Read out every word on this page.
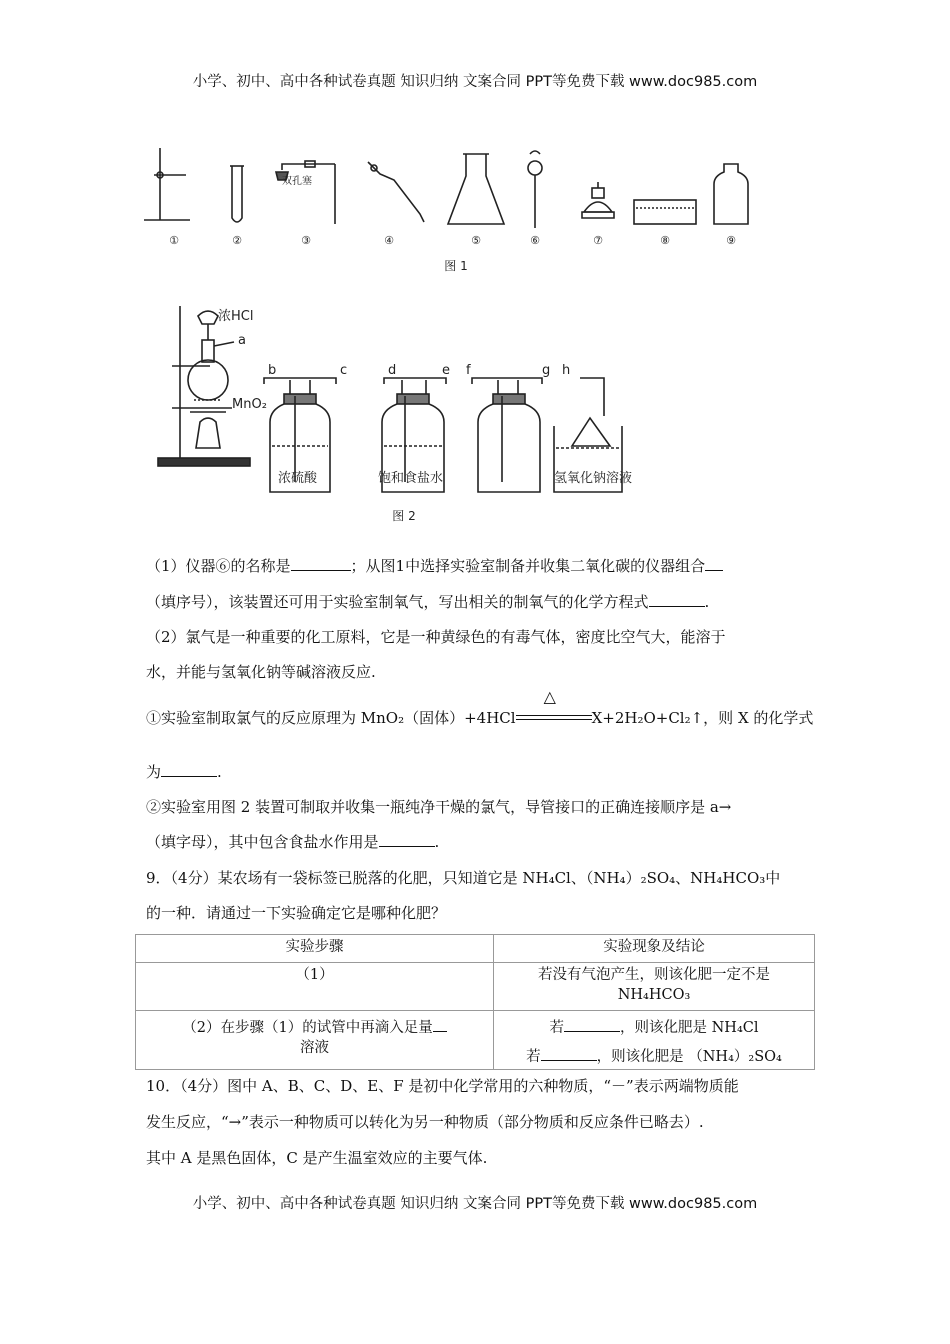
小学、初中、高中各种试卷真题 知识归纳 文案合同 PPT等免费下载 www.doc985.com
双孔塞
①	②	③	④	⑤	⑥	⑦	⑧	⑨
图 1
浓HCl
a
MnO₂
b	c	d	e f	g h
浓硫酸	饱和食盐水	氢氧化钠溶液
图 2
（1）仪器⑥的名称是	；从图1中选择实验室制备并收集二氧化碳的仪器组合
（填序号），该装置还可用于实验室制氧气，写出相关的制氧气的化学方程式	.
（2）氯气是一种重要的化工原料，它是一种黄绿色的有毒气体，密度比空气大，能溶于
水，并能与氢氧化钠等碱溶液反应.
①实验室制取氯气的反应原理为 MnO₂（固体）+4HCl
△
X+2H₂O+Cl₂↑，则 X 的化学式
为	.
②实验室用图 2 装置可制取并收集一瓶纯净干燥的氯气，导管接口的正确连接顺序是 a→
（填字母），其中包含食盐水作用是	.
9．（4分）某农场有一袋标签已脱落的化肥，只知道它是 NH₄Cl、（NH₄）₂SO₄、NH₄HCO₃中
的一种．请通过一下实验确定它是哪种化肥？
实验步骤	实验现象及结论
（1）	若没有气泡产生，则该化肥一定不是
NH₄HCO₃

（2）在步骤（1）的试管中再滴入足量
溶液	若 ，则该化肥是 NH₄Cl
若 ，则该化肥是 （NH₄）₂SO₄
10．（4分）图中 A、B、C、D、E、F 是初中化学常用的六种物质，“－”表示两端物质能
发生反应，“→”表示一种物质可以转化为另一种物质（部分物质和反应条件已略去）.
其中 A 是黑色固体，C 是产生温室效应的主要气体.
小学、初中、高中各种试卷真题 知识归纳 文案合同 PPT等免费下载 www.doc985.com
